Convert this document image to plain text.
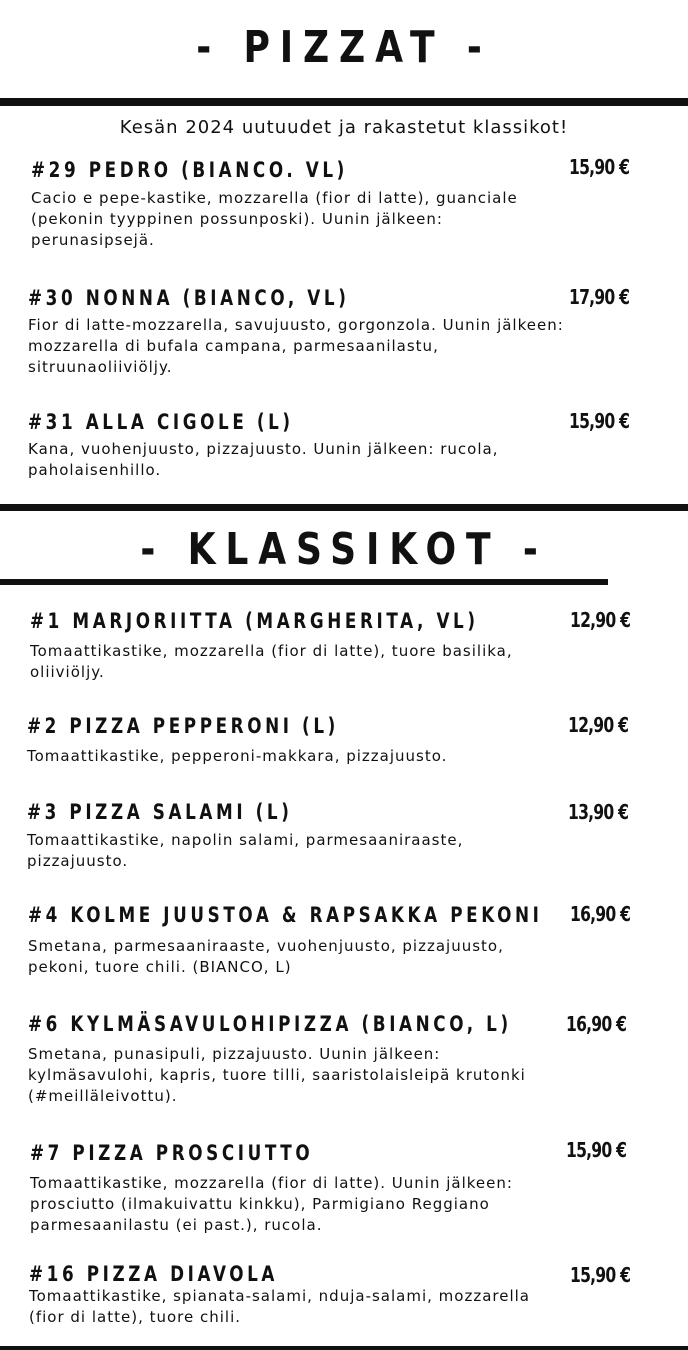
- PIZZAT -
Kesän 2024 uutuudet ja rakastetut klassikot!
#29 PEDRO (BIANCO. VL)	15,90 €
Cacio e pepe-kastike, mozzarella (fior di latte), guanciale (pekonin tyyppinen possunposki). Uunin jälkeen: perunasipsejä.
#30 NONNA (BIANCO, VL)	17,90 €
Fior di latte-mozzarella, savujuusto, gorgonzola. Uunin jälkeen: mozzarella di bufala campana, parmesaanilastu, sitruunaoliiviöljy.
#31 ALLA CIGOLE (L)	15,90 €
Kana, vuohenjuusto, pizzajuusto. Uunin jälkeen: rucola, paholaisenhillo.
- KLASSIKOT -
#1 MARJORIITTA (MARGHERITA, VL)	12,90 €
Tomaattikastike, mozzarella (fior di latte), tuore basilika, oliiviöljy.
#2 PIZZA PEPPERONI (L)	12,90 €
Tomaattikastike, pepperoni-makkara, pizzajuusto.
#3 PIZZA SALAMI (L)	13,90 €
Tomaattikastike, napolin salami, parmesaaniraaste, pizzajuusto.
#4 KOLME JUUSTOA & RAPSAKKA PEKONI 16,90 €
Smetana, parmesaaniraaste, vuohenjuusto, pizzajuusto, pekoni, tuore chili. (BIANCO, L)
#6 KYLMÄSAVULOHIPIZZA (BIANCO, L)	16,90 €
Smetana, punasipuli, pizzajuusto. Uunin jälkeen: kylmäsavulohi, kapris, tuore tilli, saaristolaisleipä krutonki (#meilläleivottu).
#7 PIZZA PROSCIUTTO	15,90 €
Tomaattikastike, mozzarella (fior di latte). Uunin jälkeen: prosciutto (ilmakuivattu kinkku), Parmigiano Reggiano parmesaanilastu (ei past.), rucola.
#16 PIZZA DIAVOLA	15,90 €
Tomaattikastike, spianata-salami, nduja-salami, mozzarella (fior di latte), tuore chili.
